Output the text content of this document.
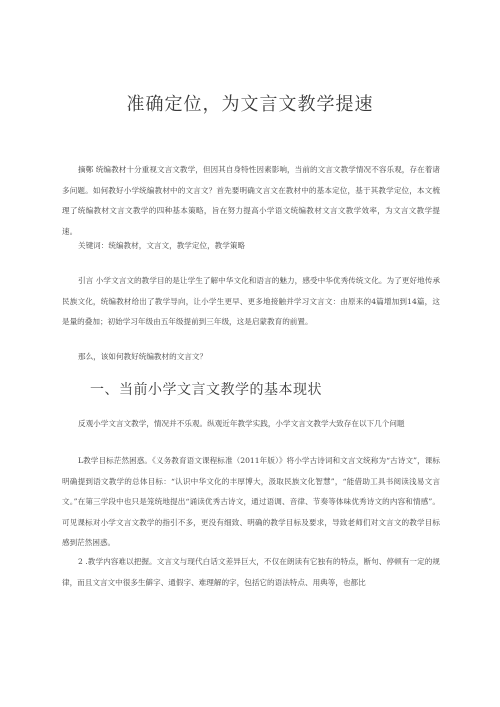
准确定位，为文言文教学提速

摘鄭 统编教材十分重视文言文教学，但因其自身特性因素影响，当前的文言文教学情况不容乐观，存在着诸多问题。如何教好小学统编教材中的文言文？首先要明确文言文在教材中的基本定位，基于其教学定位，本文梳理了统编教材文言文教学的四种基本策略，旨在努力提高小学语文统编教材文言文教学效率，为文言文教学提速。

关键词：统编教材，文言文，教学定位，教学策略

引言 小学文言文的教学目的是让学生了解中华文化和语言的魅力，感受中华优秀传统文化。为了更好地传承民族文化，统编教材给出了教学导向，让小学生更早、更多地接触并学习文言文：由原来的4篇增加到14篇，这是量的叠加；初始学习年级由五年级提前到三年级，这是启蒙教育的前置。

那么，该如何教好统编教材的文言文？

一、当前小学文言文教学的基本现状

反观小学文言文教学，情况并不乐观。纵观近年教学实践，小学文言文教学大致存在以下几个问题

L教学目标茫然困惑。《义务教育语文课程标准（2011年版）》将小学古诗词和文言文统称为“古诗文”，课标明确提到语文教学的总体目标：“认识中华文化的丰厚博大，汲取民族文化智慧”，“能借助工具书阅读浅易文言文。”在第三学段中也只是笼统地提出“诵读优秀古诗文，通过语调、音律、节奏等体味优秀诗文的内容和情感”。可见课标对小学文言文教学的指引不多，更没有细致、明确的教学目标及要求，导致老师们对文言文的教学目标感到茫然困惑。

2 .教学内容难以把握。文言文与现代白话文差异巨大，不仅在朗读有它独有的特点，断句、停顿有一定的规律，而且文言文中很多生僻字、通假字、难理解的字，包括它的语法特点、用典等，也都比
